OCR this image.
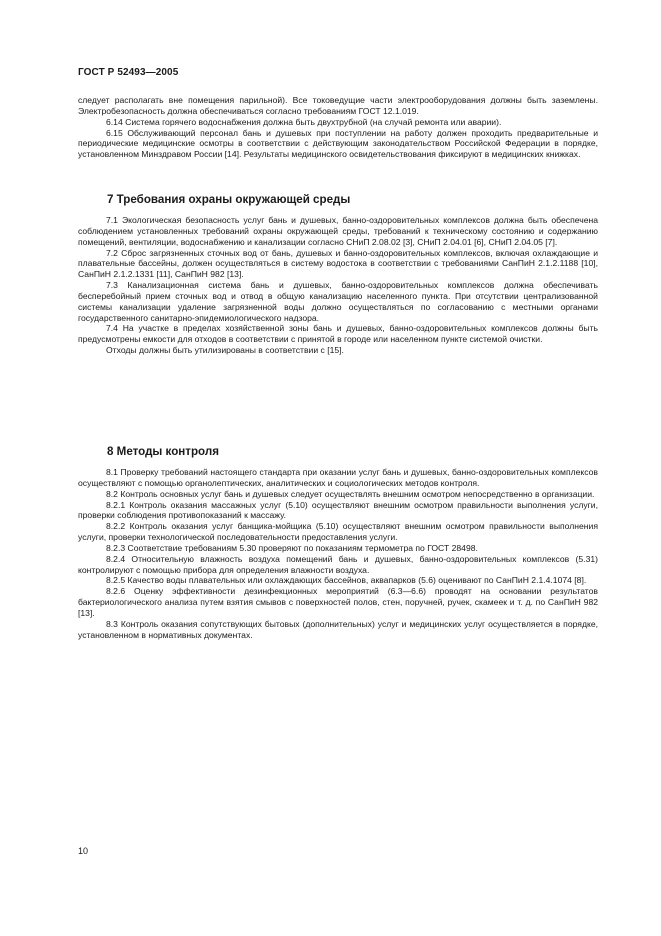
ГОСТ Р 52493—2005

следует располагать вне помещения парильной). Все токоведущие части электрооборудования должны быть заземлены. Электробезопасность должна обеспечиваться согласно требованиям ГОСТ 12.1.019.

6.14 Система горячего водоснабжения должна быть двухтрубной (на случай ремонта или аварии).

6.15 Обслуживающий персонал бань и душевых при поступлении на работу должен проходить предварительные и периодические медицинские осмотры в соответствии с действующим законодательством Российской Федерации в порядке, установленном Минздравом России [14]. Результаты медицинского освидетельствования фиксируют в медицинских книжках.

7 Требования охраны окружающей среды

7.1 Экологическая безопасность услуг бань и душевых, банно-оздоровительных комплексов должна быть обеспечена соблюдением установленных требований охраны окружающей среды, требований к техническому состоянию и содержанию помещений, вентиляции, водоснабжению и канализации согласно СНиП 2.08.02 [3], СНиП 2.04.01 [6], СНиП 2.04.05 [7].

7.2 Сброс загрязненных сточных вод от бань, душевых и банно-оздоровительных комплексов, включая охлаждающие и плавательные бассейны, должен осуществляться в систему водостока в соответствии с требованиями СанПиН 2.1.2.1188 [10], СанПиН 2.1.2.1331 [11], СанПиН 982 [13].

7.3 Канализационная система бань и душевых, банно-оздоровительных комплексов должна обеспечивать бесперебойный прием сточных вод и отвод в общую канализацию населенного пункта. При отсутствии централизованной системы канализации удаление загрязненной воды должно осуществляться по согласованию с местными органами государственного санитарно-эпидемиологического надзора.

7.4 На участке в пределах хозяйственной зоны бань и душевых, банно-оздоровительных комплексов должны быть предусмотрены емкости для отходов в соответствии с принятой в городе или населенном пункте системой очистки.

Отходы должны быть утилизированы в соответствии с [15].

8 Методы контроля

8.1 Проверку требований настоящего стандарта при оказании услуг бань и душевых, банно-оздоровительных комплексов осуществляют с помощью органолептических, аналитических и социологических методов контроля.

8.2 Контроль основных услуг бань и душевых следует осуществлять внешним осмотром непосредственно в организации.

8.2.1 Контроль оказания массажных услуг (5.10) осуществляют внешним осмотром правильности выполнения услуги, проверки соблюдения противопоказаний к массажу.

8.2.2 Контроль оказания услуг банщика-мойщика (5.10) осуществляют внешним осмотром правильности выполнения услуги, проверки технологической последовательности предоставления услуги.

8.2.3 Соответствие требованиям 5.30 проверяют по показаниям термометра по ГОСТ 28498.

8.2.4 Относительную влажность воздуха помещений бань и душевых, банно-оздоровительных комплексов (5.31) контролируют с помощью прибора для определения влажности воздуха.

8.2.5 Качество воды плавательных или охлаждающих бассейнов, аквапарков (5.6) оценивают по СанПиН 2.1.4.1074 [8].

8.2.6 Оценку эффективности дезинфекционных мероприятий (6.3—6.6) проводят на основании результатов бактериологического анализа путем взятия смывов с поверхностей полов, стен, поручней, ручек, скамеек и т. д. по СанПиН 982 [13].

8.3 Контроль оказания сопутствующих бытовых (дополнительных) услуг и медицинских услуг осуществляется в порядке, установленном в нормативных документах.

10
